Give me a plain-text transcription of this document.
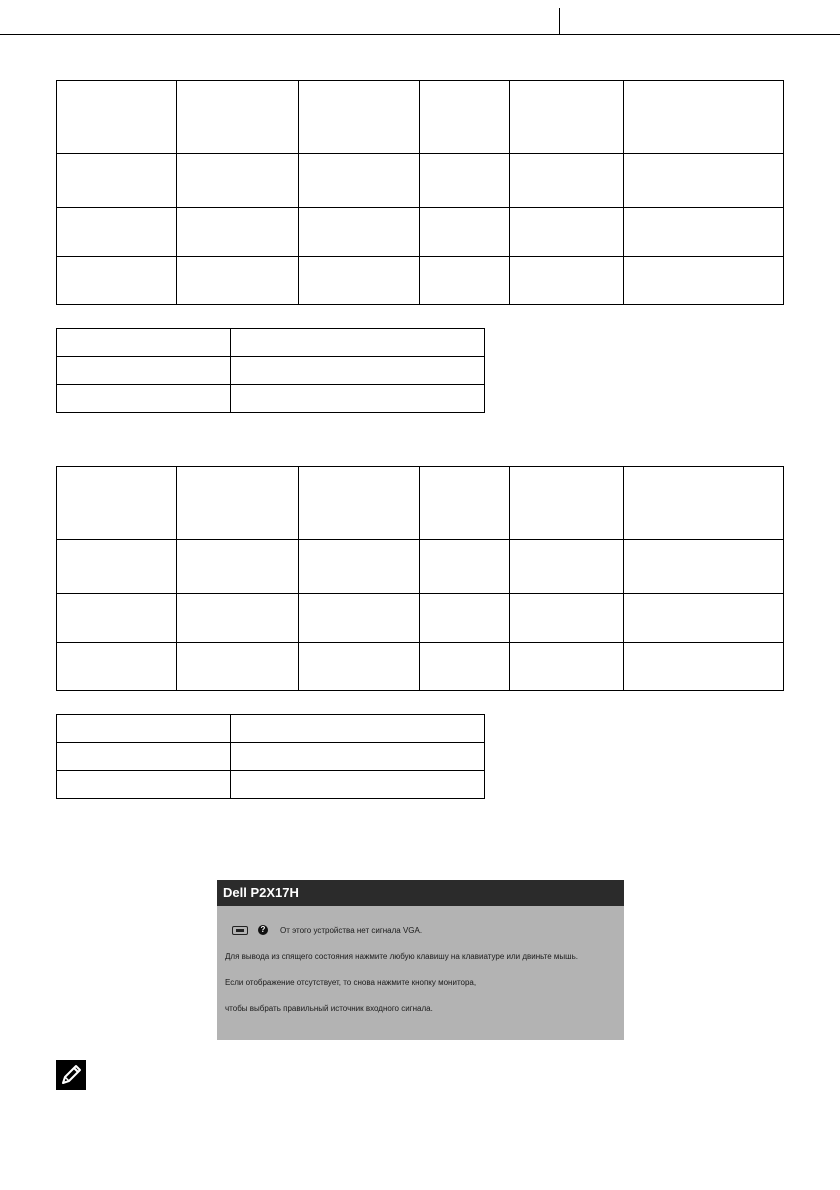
Dell P2X17H
?	От этого устройства нет сигнала VGA.
Для вывода из спящего состояния нажмите любую клавишу на клавиатуре или двиньте мышь.
Если отображение отсутствует, то снова нажмите кнопку монитора,
чтобы выбрать правильный источник входного сигнала.
